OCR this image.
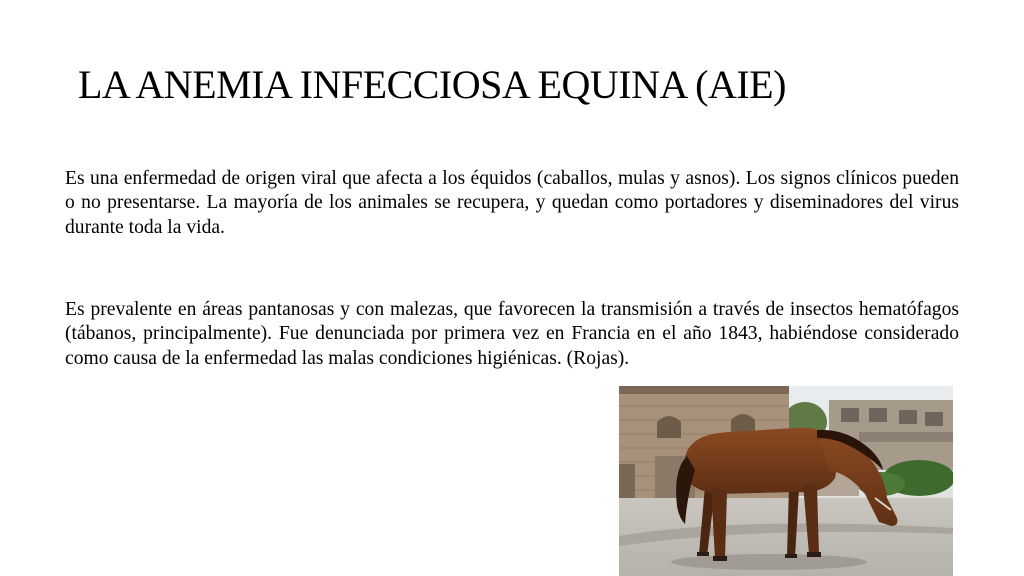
LA ANEMIA INFECCIOSA EQUINA (AIE)

Es una enfermedad de origen viral que afecta a los équidos (caballos, mulas y asnos). Los signos clínicos pueden o no presentarse. La mayoría de los animales se recupera, y quedan como portadores y diseminadores del virus durante toda la vida.

Es prevalente en áreas pantanosas y con malezas, que favorecen la transmisión a través de insectos hematófagos (tábanos, principalmente). Fue denunciada por primera vez en Francia en el año 1843, habiéndose considerado como causa de la enfermedad las malas condiciones higiénicas. (Rojas).
